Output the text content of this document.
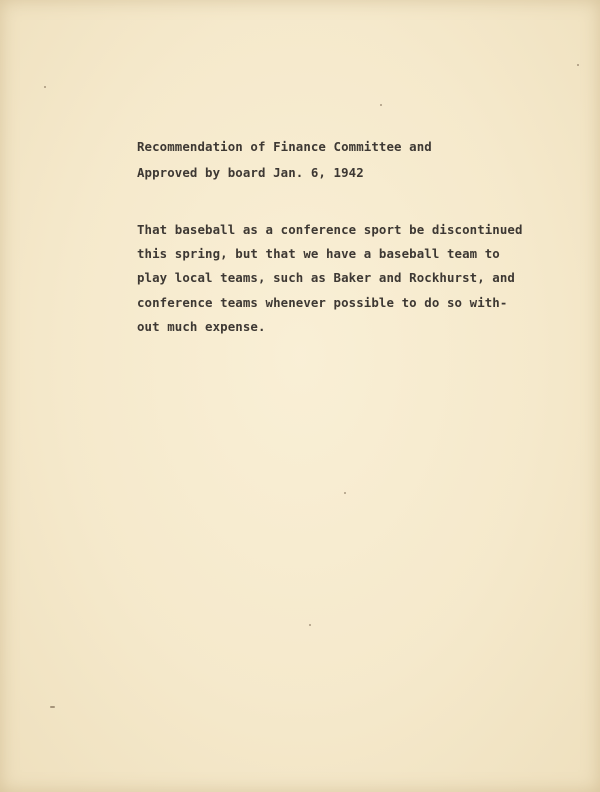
Recommendation of Finance Committee and
Approved by board Jan. 6, 1942
That baseball as a conference sport be discontinued
this spring, but that we have a baseball team to
play local teams, such as Baker and Rockhurst, and
conference teams whenever possible to do so with-
out much expense.
